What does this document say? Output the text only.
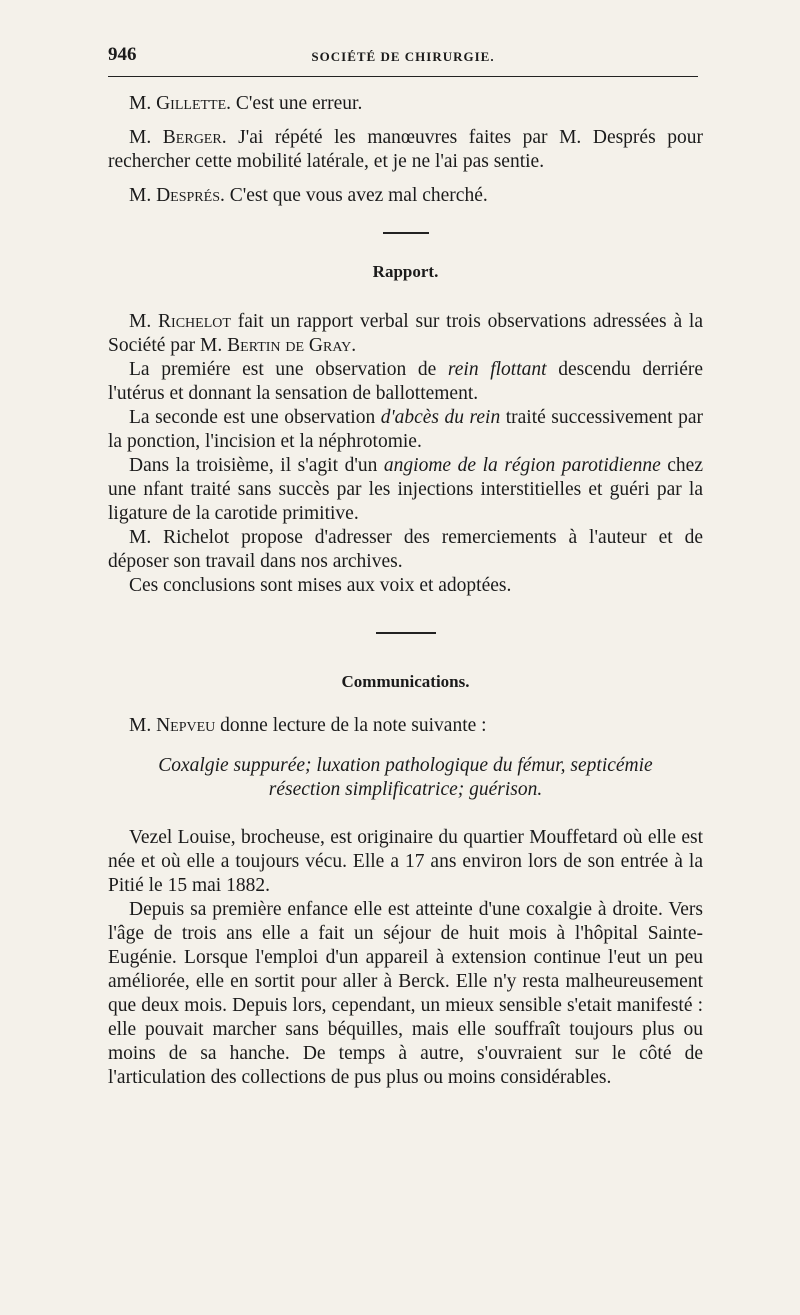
946	SOCIÉTÉ DE CHIRURGIE.

M. Gillette. C'est une erreur.

M. Berger. J'ai répété les manœuvres faites par M. Després pour rechercher cette mobilité latérale, et je ne l'ai pas sentie.

M. Després. C'est que vous avez mal cherché.

Rapport.

M. Richelot fait un rapport verbal sur trois observations adressées à la Société par M. Bertin de Gray.

La premiére est une observation de rein flottant descendu derriére l'utérus et donnant la sensation de ballottement.

La seconde est une observation d'abcès du rein traité successivement par la ponction, l'incision et la néphrotomie.

Dans la troisième, il s'agit d'un angiome de la région parotidienne chez une nfant traité sans succès par les injections interstitielles et guéri par la ligature de la carotide primitive.

M. Richelot propose d'adresser des remerciements à l'auteur et de déposer son travail dans nos archives.

Ces conclusions sont mises aux voix et adoptées.

Communications.

M. Nepveu donne lecture de la note suivante :

Coxalgie suppurée; luxation pathologique du fémur, septicémie

résection simplificatrice; guérison.

Vezel Louise, brocheuse, est originaire du quartier Mouffetard où elle est née et où elle a toujours vécu. Elle a 17 ans environ lors de son entrée à la Pitié le 15 mai 1882.

Depuis sa première enfance elle est atteinte d'une coxalgie à droite. Vers l'âge de trois ans elle a fait un séjour de huit mois à l'hôpital Sainte-Eugénie. Lorsque l'emploi d'un appareil à extension continue l'eut un peu améliorée, elle en sortit pour aller à Berck. Elle n'y resta malheureusement que deux mois. Depuis lors, cependant, un mieux sensible s'etait manifesté : elle pouvait marcher sans béquilles, mais elle souffraît toujours plus ou moins de sa hanche. De temps à autre, s'ouvraient sur le côté de l'articulation des collections de pus plus ou moins considérables.
